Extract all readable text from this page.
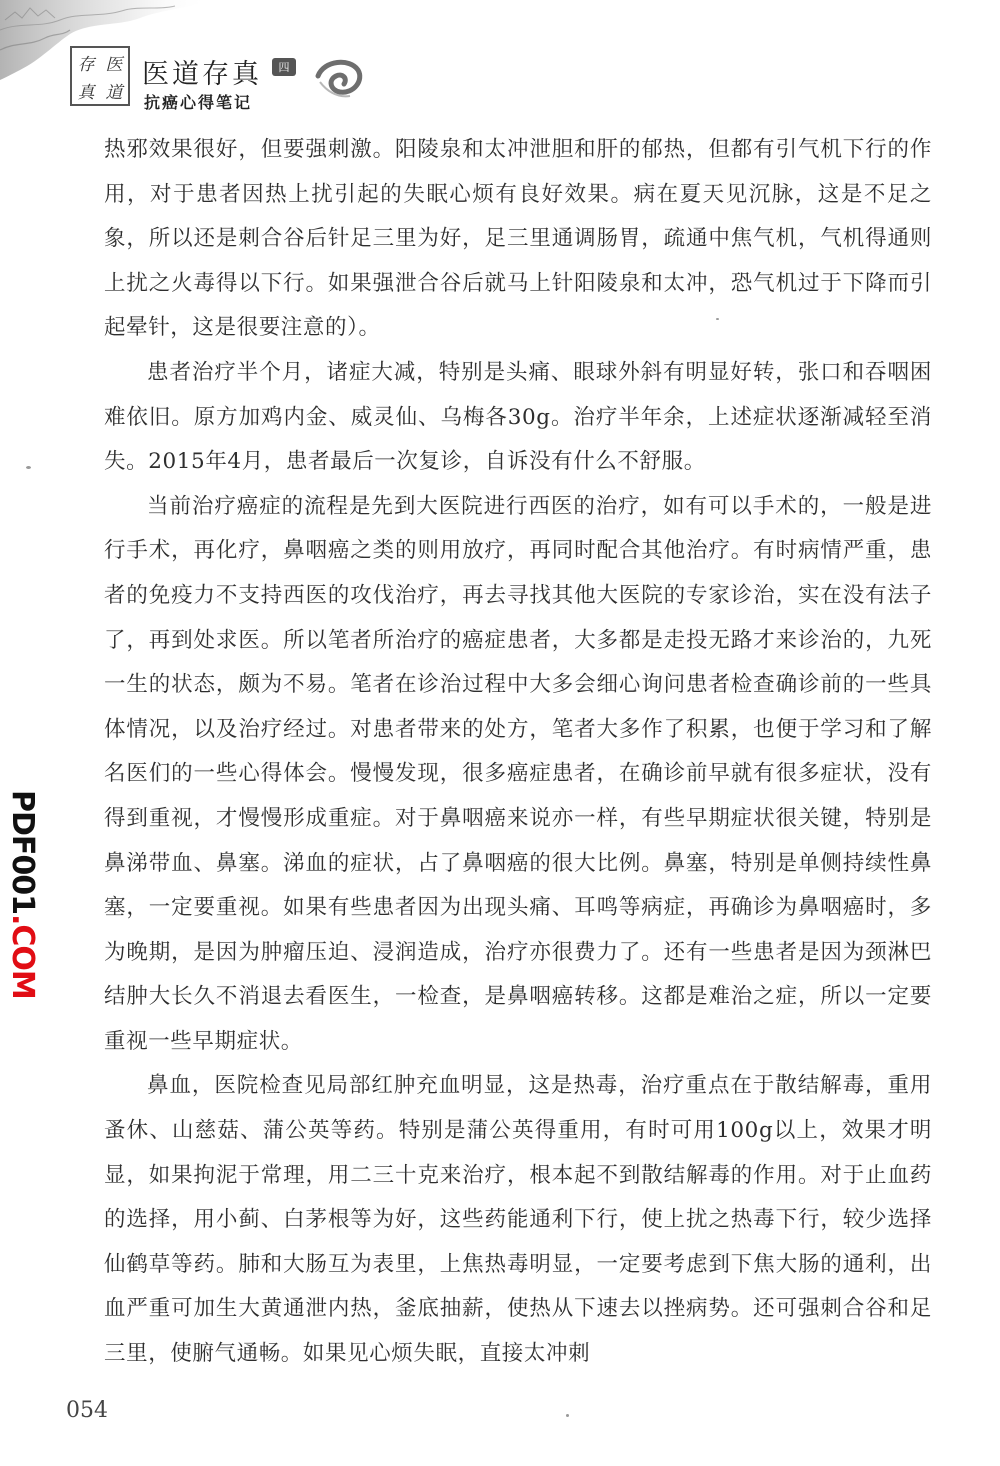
存 医
真 道
医道存真	四
抗癌心得笔记

热邪效果很好，但要强刺激。阳陵泉和太冲泄胆和肝的郁热，但都有引气机下行的作用，对于患者因热上扰引起的失眠心烦有良好效果。病在夏天见沉脉，这是不足之象，所以还是刺合谷后针足三里为好，足三里通调肠胃，疏通中焦气机，气机得通则上扰之火毒得以下行。如果强泄合谷后就马上针阳陵泉和太冲，恐气机过于下降而引起晕针，这是很要注意的）。

患者治疗半个月，诸症大减，特别是头痛、眼球外斜有明显好转，张口和吞咽困难依旧。原方加鸡内金、威灵仙、乌梅各30g。治疗半年余，上述症状逐渐减轻至消失。2015年4月，患者最后一次复诊，自诉没有什么不舒服。

当前治疗癌症的流程是先到大医院进行西医的治疗，如有可以手术的，一般是进行手术，再化疗，鼻咽癌之类的则用放疗，再同时配合其他治疗。有时病情严重，患者的免疫力不支持西医的攻伐治疗，再去寻找其他大医院的专家诊治，实在没有法子了，再到处求医。所以笔者所治疗的癌症患者，大多都是走投无路才来诊治的，九死一生的状态，颇为不易。笔者在诊治过程中大多会细心询问患者检查确诊前的一些具体情况，以及治疗经过。对患者带来的处方，笔者大多作了积累，也便于学习和了解名医们的一些心得体会。慢慢发现，很多癌症患者，在确诊前早就有很多症状，没有得到重视，才慢慢形成重症。对于鼻咽癌来说亦一样，有些早期症状很关键，特别是鼻涕带血、鼻塞。涕血的症状，占了鼻咽癌的很大比例。鼻塞，特别是单侧持续性鼻塞，一定要重视。如果有些患者因为出现头痛、耳鸣等病症，再确诊为鼻咽癌时，多为晚期，是因为肿瘤压迫、浸润造成，治疗亦很费力了。还有一些患者是因为颈淋巴结肿大长久不消退去看医生，一检查，是鼻咽癌转移。这都是难治之症，所以一定要重视一些早期症状。

鼻血，医院检查见局部红肿充血明显，这是热毒，治疗重点在于散结解毒，重用蚤休、山慈菇、蒲公英等药。特别是蒲公英得重用，有时可用100g以上，效果才明显，如果拘泥于常理，用二三十克来治疗，根本起不到散结解毒的作用。对于止血药的选择，用小蓟、白茅根等为好，这些药能通利下行，使上扰之热毒下行，较少选择仙鹤草等药。肺和大肠互为表里，上焦热毒明显，一定要考虑到下焦大肠的通利，出血严重可加生大黄通泄内热，釜底抽薪，使热从下速去以挫病势。还可强刺合谷和足三里，使腑气通畅。如果见心烦失眠，直接太冲刺

PDF001.COM
054
